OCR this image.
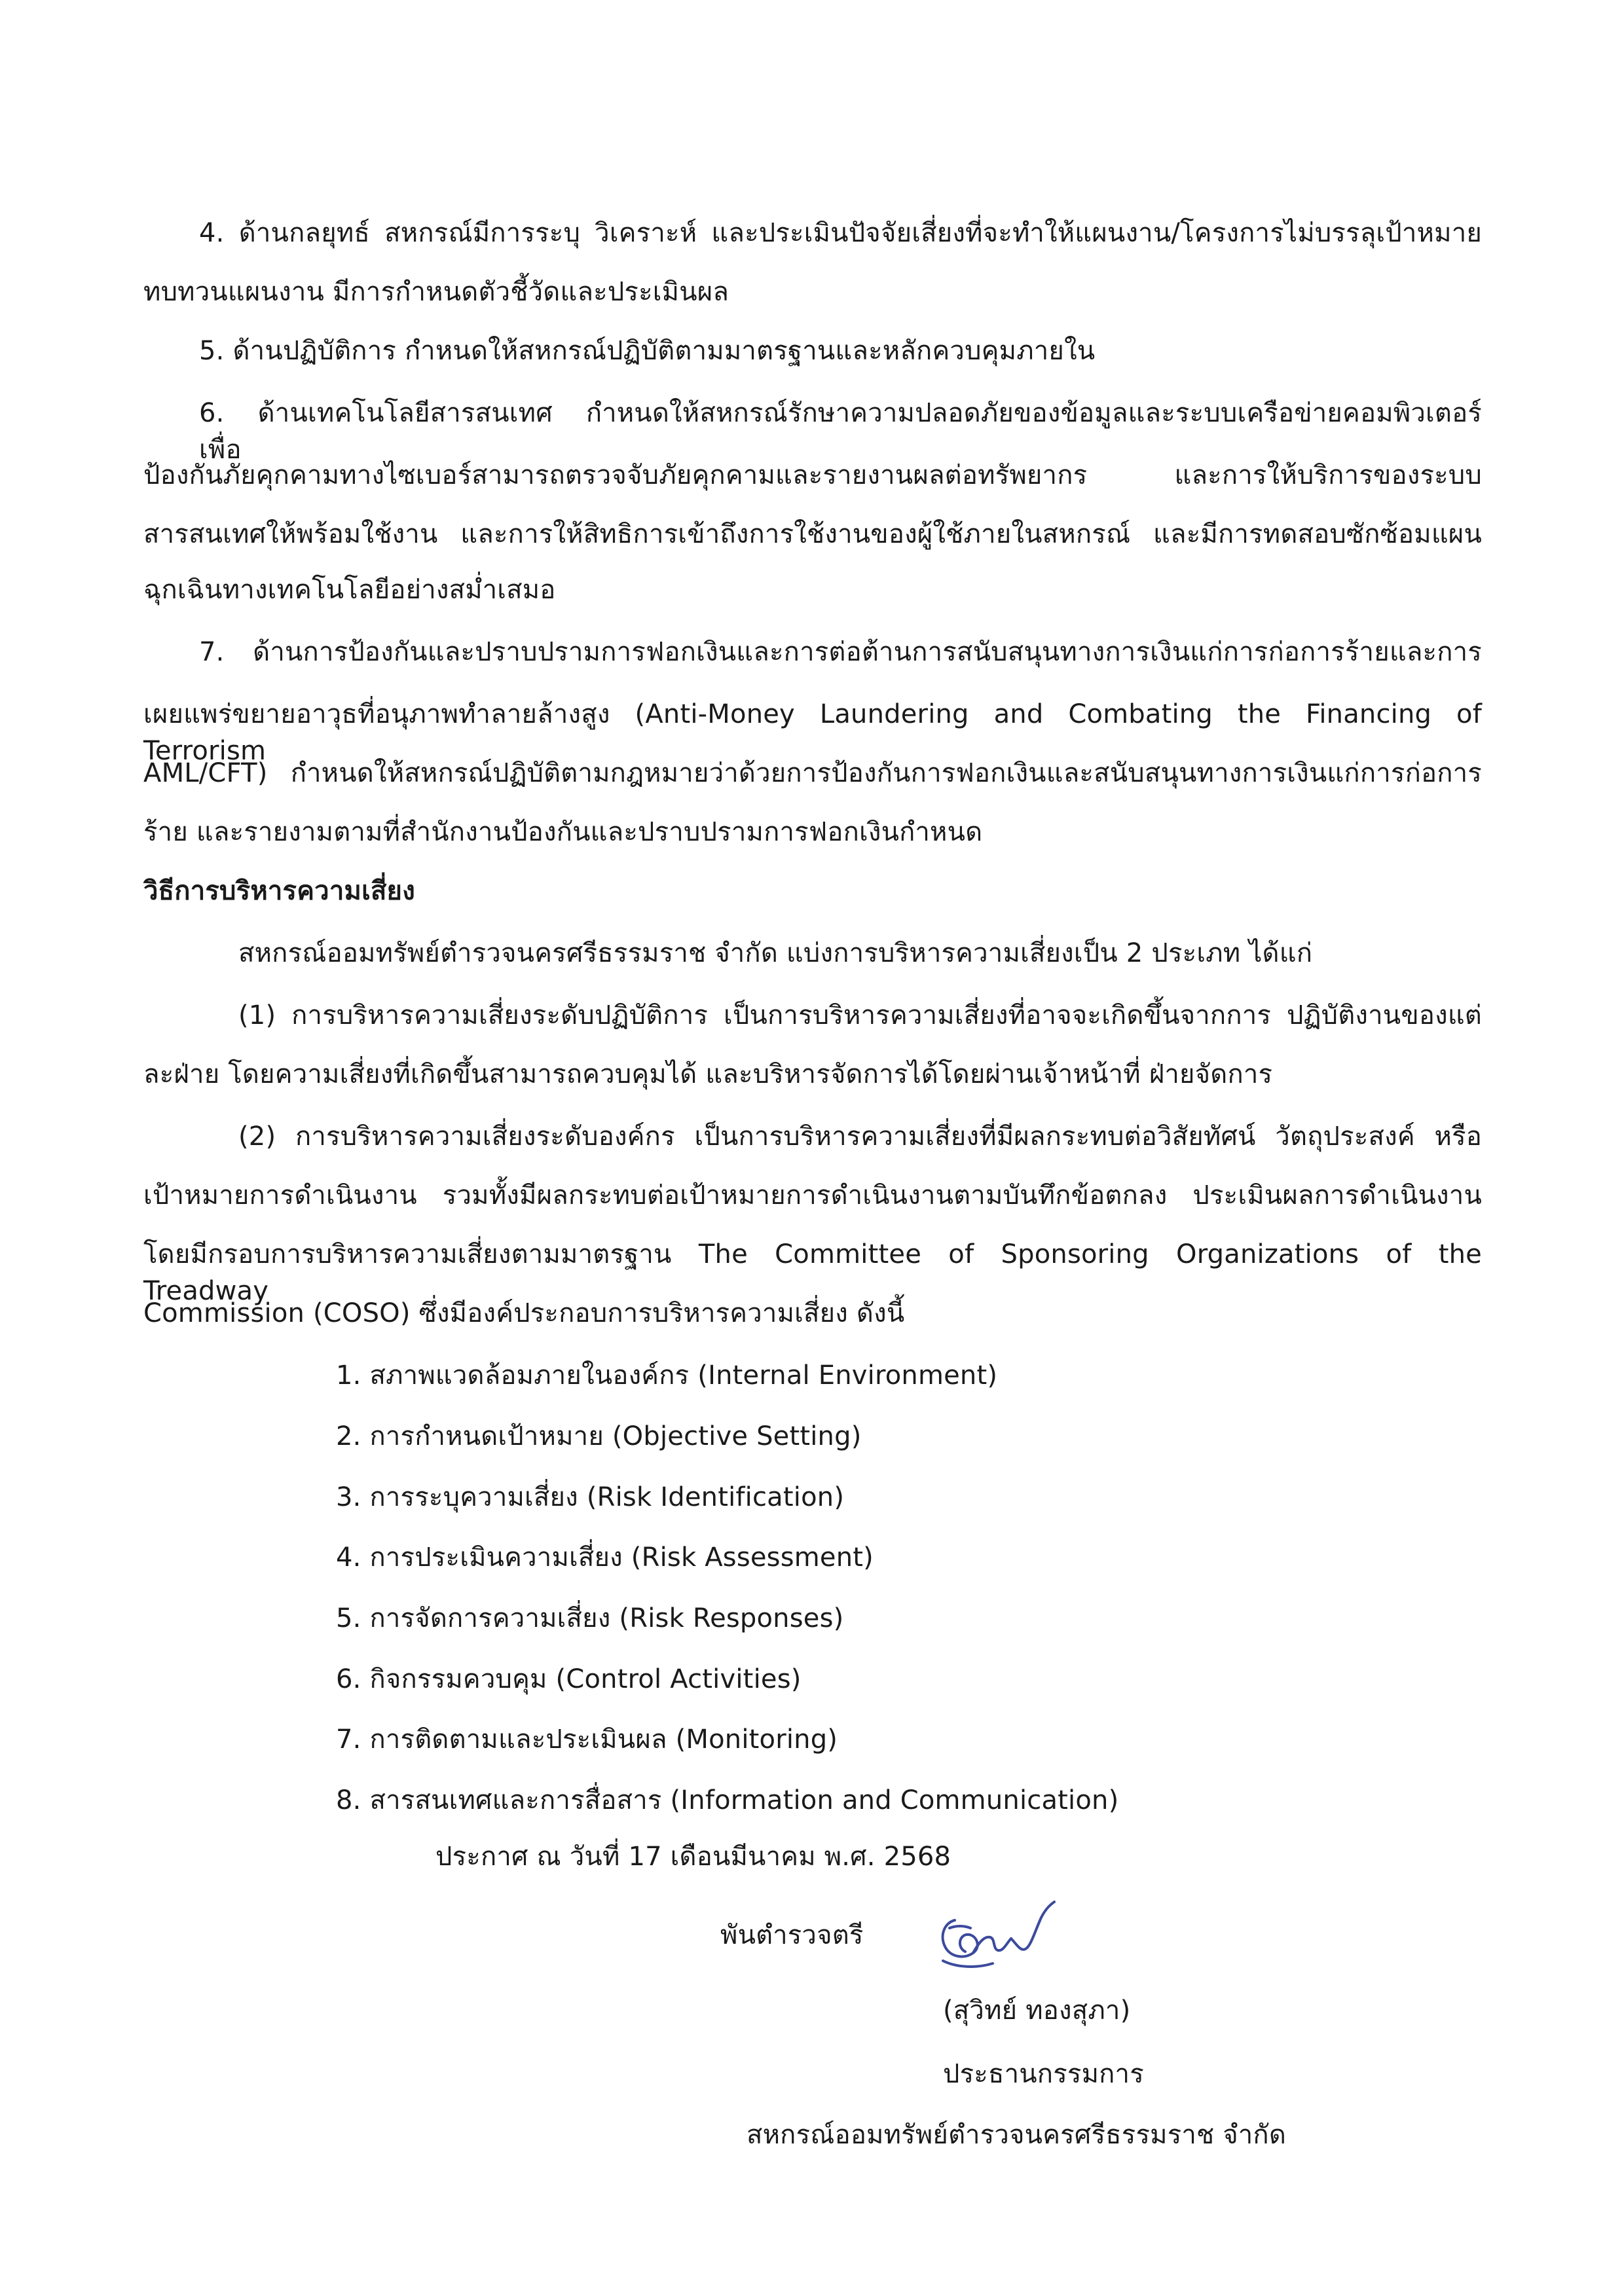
4. ด้านกลยุทธ์ สหกรณ์มีการระบุ วิเคราะห์ และประเมินปัจจัยเสี่ยงที่จะทำให้แผนงาน/โครงการไม่บรรลุเป้าหมาย
ทบทวนแผนงาน มีการกำหนดตัวชี้วัดและประเมินผล
5. ด้านปฏิบัติการ กำหนดให้สหกรณ์ปฏิบัติตามมาตรฐานและหลักควบคุมภายใน
6. ด้านเทคโนโลยีสารสนเทศ กำหนดให้สหกรณ์รักษาความปลอดภัยของข้อมูลและระบบเครือข่ายคอมพิวเตอร์ เพื่อ
ป้องกันภัยคุกคามทางไซเบอร์สามารถตรวจจับภัยคุกคามและรายงานผลต่อทรัพยากร และการให้บริการของระบบ
สารสนเทศให้พร้อมใช้งาน และการให้สิทธิการเข้าถึงการใช้งานของผู้ใช้ภายในสหกรณ์ และมีการทดสอบซักซ้อมแผน
ฉุกเฉินทางเทคโนโลยีอย่างสม่ำเสมอ
7. ด้านการป้องกันและปราบปรามการฟอกเงินและการต่อต้านการสนับสนุนทางการเงินแก่การก่อการร้ายและการ
เผยแพร่ขยายอาวุธที่อนุภาพทำลายล้างสูง (Anti-Money Laundering and Combating the Financing of Terrorism
AML/CFT) กำหนดให้สหกรณ์ปฏิบัติตามกฎหมายว่าด้วยการป้องกันการฟอกเงินและสนับสนุนทางการเงินแก่การก่อการ
ร้าย และรายงามตามที่สำนักงานป้องกันและปราบปรามการฟอกเงินกำหนด
วิธีการบริหารความเสี่ยง
สหกรณ์ออมทรัพย์ตำรวจนครศรีธรรมราช จำกัด แบ่งการบริหารความเสี่ยงเป็น 2 ประเภท ได้แก่
(1) การบริหารความเสี่ยงระดับปฏิบัติการ เป็นการบริหารความเสี่ยงที่อาจจะเกิดขึ้นจากการ ปฏิบัติงานของแต่
ละฝ่าย โดยความเสี่ยงที่เกิดขึ้นสามารถควบคุมได้ และบริหารจัดการได้โดยผ่านเจ้าหน้าที่ ฝ่ายจัดการ
(2) การบริหารความเสี่ยงระดับองค์กร เป็นการบริหารความเสี่ยงที่มีผลกระทบต่อวิสัยทัศน์ วัตถุประสงค์ หรือ
เป้าหมายการดำเนินงาน รวมทั้งมีผลกระทบต่อเป้าหมายการดำเนินงานตามบันทึกข้อตกลง ประเมินผลการดำเนินงาน
โดยมีกรอบการบริหารความเสี่ยงตามมาตรฐาน The Committee of Sponsoring Organizations of the Treadway
Commission (COSO) ซึ่งมีองค์ประกอบการบริหารความเสี่ยง ดังนี้
1. สภาพแวดล้อมภายในองค์กร (Internal Environment)
2. การกำหนดเป้าหมาย (Objective Setting)
3. การระบุความเสี่ยง (Risk Identification)
4. การประเมินความเสี่ยง (Risk Assessment)
5. การจัดการความเสี่ยง (Risk Responses)
6. กิจกรรมควบคุม (Control Activities)
7. การติดตามและประเมินผล (Monitoring)
8. สารสนเทศและการสื่อสาร (Information and Communication)
ประกาศ ณ วันที่ 17 เดือนมีนาคม พ.ศ. 2568
พันตำรวจตรี
(สุวิทย์ ทองสุภา)
ประธานกรรมการ
สหกรณ์ออมทรัพย์ตำรวจนครศรีธรรมราช จำกัด
